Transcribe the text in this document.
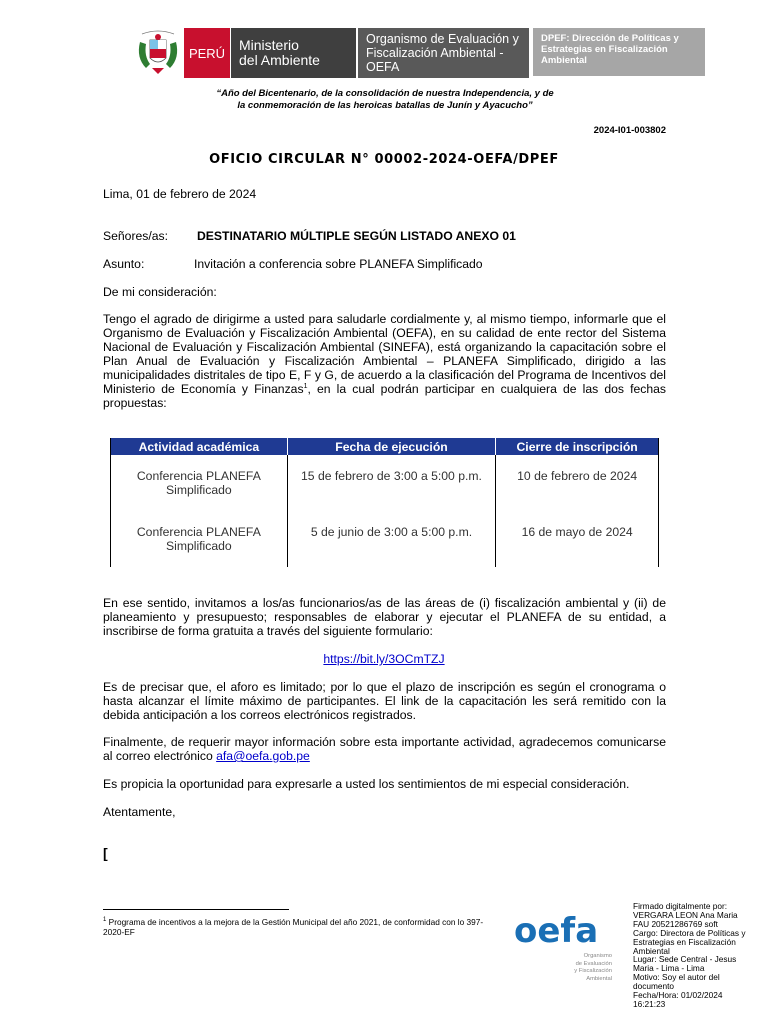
PERÚ Ministerio
del Ambiente
Organismo de Evaluación y
Fiscalización Ambiental - OEFA
DPEF: Dirección de Políticas y Estrategias en Fiscalización Ambiental
“Año del Bicentenario, de la consolidación de nuestra Independencia, y de
la conmemoración de las heroicas batallas de Junín y Ayacucho”
2024-I01-003802
OFICIO CIRCULAR N° 00002-2024-OEFA/DPEF
Lima, 01 de febrero de 2024
Señores/as: DESTINATARIO MÚLTIPLE SEGÚN LISTADO ANEXO 01
Asunto:	Invitación a conferencia sobre PLANEFA Simplificado
De mi consideración:
Tengo el agrado de dirigirme a usted para saludarle cordialmente y, al mismo tiempo, informarle que el Organismo de Evaluación y Fiscalización Ambiental (OEFA), en su calidad de ente rector del Sistema Nacional de Evaluación y Fiscalización Ambiental (SINEFA), está organizando la capacitación sobre el Plan Anual de Evaluación y Fiscalización Ambiental – PLANEFA Simplificado, dirigido a las municipalidades distritales de tipo E, F y G, de acuerdo a la clasificación del Programa de Incentivos del Ministerio de Economía y Finanzas$^1$, en la cual podrán participar en cualquiera de las dos fechas propuestas:
Actividad académica	Fecha de ejecución	Cierre de inscripción
Conferencia PLANEFA Simplificado	15 de febrero de 3:00 a 5:00 p.m.	10 de febrero de 2024
Conferencia PLANEFA Simplificado	5 de junio de 3:00 a 5:00 p.m.	16 de mayo de 2024
En ese sentido, invitamos a los/as funcionarios/as de las áreas de (i) fiscalización ambiental y (ii) de planeamiento y presupuesto; responsables de elaborar y ejecutar el PLANEFA de su entidad, a inscribirse de forma gratuita a través del siguiente formulario:
https://bit.ly/3OCmTZJ
Es de precisar que, el aforo es limitado; por lo que el plazo de inscripción es según el cronograma o hasta alcanzar el límite máximo de participantes. El link de la capacitación les será remitido con la debida anticipación a los correos electrónicos registrados.
Finalmente, de requerir mayor información sobre esta importante actividad, agradecemos comunicarse al correo electrónico afa@oefa.gob.pe
Es propicia la oportunidad para expresarle a usted los sentimientos de mi especial consideración.
Atentamente,
[
$^1$ Programa de incentivos a la mejora de la Gestión Municipal del año 2021, de conformidad con lo 397-2020-EF	oefa
Organismo
de Evaluación
y Fiscalización
Ambiental
Firmado digitalmente por:
VERGARA LEON Ana Maria
FAU 20521286769 soft
Cargo: Directora de Políticas y
Estrategias en Fiscalización
Ambiental
Lugar: Sede Central - Jesus
Maria - Lima - Lima
Motivo: Soy el autor del
documento
Fecha/Hora: 01/02/2024
16:21:23
